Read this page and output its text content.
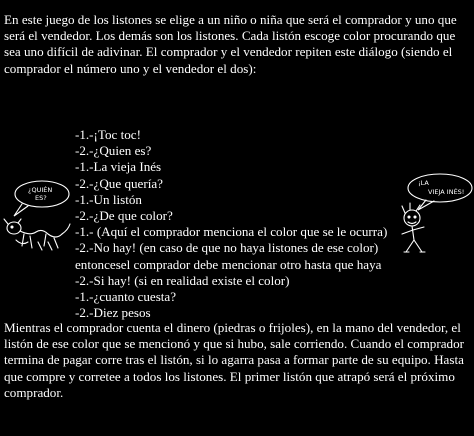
En este juego de los listones se elige a un niño o niña que será el comprador y uno que será el vendedor. Los demás son los listones. Cada listón escoge color procurando que sea uno difícil de adivinar. El comprador y el vendedor repiten este diálogo (siendo el comprador el número uno y el vendedor el dos):

-1.-¡Toc toc!
-2.-¿Quien es?
-1.-La vieja Inés
-2.-¿Que quería?
-1.-Un listón
-2.-¿De que color?
-1.- (Aquí el comprador menciona el color que se le ocurra)
-2.-No hay! (en caso de que no haya listones de ese color)
entoncesel comprador debe mencionar otro hasta que haya
-2.-Si hay! (si en realidad existe el color)
-1.-¿cuanto cuesta?
-2.-Diez pesos
¿QUIÉN
ES?
¡LA
VIEJA INÉS!

Mientras el comprador cuenta el dinero (piedras o frijoles), en la mano del vendedor, el listón de ese color que se mencionó y que si hubo, sale corriendo. Cuando el comprador termina de pagar corre tras el listón, si lo agarra pasa a formar parte de su equipo. Hasta que compre y corretee a todos los listones. El primer listón que atrapó será el próximo comprador.
